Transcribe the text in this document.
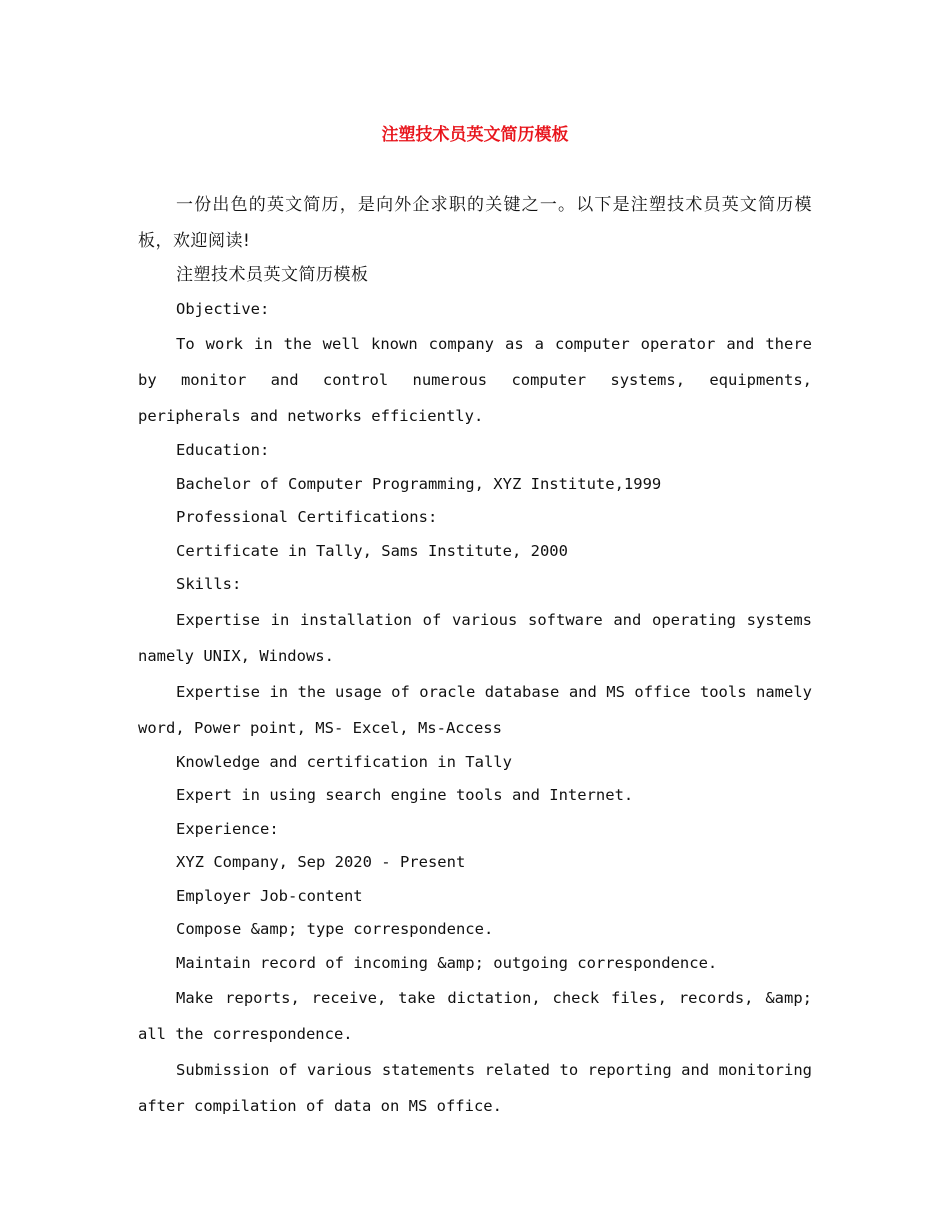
注塑技术员英文简历模板

一份出色的英文简历，是向外企求职的关键之一。以下是注塑技术员英文简历模板，欢迎阅读!

注塑技术员英文简历模板

Objective:

To work in the well known company as a computer operator and there by monitor and control numerous computer systems, equipments, peripherals and networks efficiently.

Education:

Bachelor of Computer Programming, XYZ Institute,1999

Professional Certifications:

Certificate in Tally, Sams Institute, 2000

Skills:

Expertise in installation of various software and operating systems namely UNIX, Windows.

Expertise in the usage of oracle database and MS office tools namely word, Power point, MS- Excel, Ms-Access

Knowledge and certification in Tally

Expert in using search engine tools and Internet.

Experience:

XYZ Company, Sep 2020 - Present

Employer Job-content

Compose &amp; type correspondence.

Maintain record of incoming &amp; outgoing correspondence.

Make reports, receive, take dictation, check files, records, &amp; all the correspondence.

Submission of various statements related to reporting and monitoring after compilation of data on MS office.
